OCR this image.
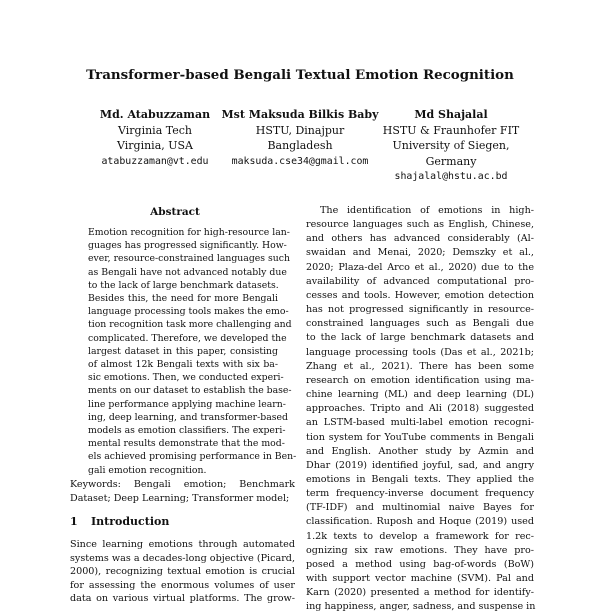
Transformer-based Bengali Textual Emotion Recognition
Md. Atabuzzaman
Virginia Tech
Virginia, USA
atabuzzaman@vt.edu
Mst Maksuda Bilkis Baby
HSTU, Dinajpur
Bangladesh
maksuda.cse34@gmail.com
Md Shajalal
HSTU & Fraunhofer FIT
University of Siegen, Germany
shajalal@hstu.ac.bd
Abstract
Emotion recognition for high-resource lan-
guages has progressed significantly. How-
ever, resource-constrained languages such
as Bengali have not advanced notably due
to the lack of large benchmark datasets.
Besides this, the need for more Bengali
language processing tools makes the emo-
tion recognition task more challenging and
complicated. Therefore, we developed the
largest dataset in this paper, consisting
of almost 12k Bengali texts with six ba-
sic emotions. Then, we conducted experi-
ments on our dataset to establish the base-
line performance applying machine learn-
ing, deep learning, and transformer-based
models as emotion classifiers. The experi-
mental results demonstrate that the mod-
els achieved promising performance in Ben-
gali emotion recognition.
Keywords: Bengali emotion; Benchmark
Dataset; Deep Learning; Transformer model;
1 Introduction
Since learning emotions through automated
systems was a decades-long objective (Picard,
2000), recognizing textual emotion is crucial
for assessing the enormous volumes of user
data on various virtual platforms. The grow-
The identification of emotions in high-
resource languages such as English, Chinese,
and others has advanced considerably (Al-
swaidan and Menai, 2020; Demszky et al.,
2020; Plaza-del Arco et al., 2020) due to the
availability of advanced computational pro-
cesses and tools. However, emotion detection
has not progressed significantly in resource-
constrained languages such as Bengali due
to the lack of large benchmark datasets and
language processing tools (Das et al., 2021b;
Zhang et al., 2021). There has been some
research on emotion identification using ma-
chine learning (ML) and deep learning (DL)
approaches. Tripto and Ali (2018) suggested
an LSTM-based multi-label emotion recogni-
tion system for YouTube comments in Bengali
and English. Another study by Azmin and
Dhar (2019) identified joyful, sad, and angry
emotions in Bengali texts. They applied the
term frequency-inverse document frequency
(TF-IDF) and multinomial naive Bayes for
classification. Ruposh and Hoque (2019) used
1.2k texts to develop a framework for rec-
ognizing six raw emotions. They have pro-
posed a method using bag-of-words (BoW)
with support vector machine (SVM). Pal and
Karn (2020) presented a method for identify-
ing happiness, anger, sadness, and suspense in
